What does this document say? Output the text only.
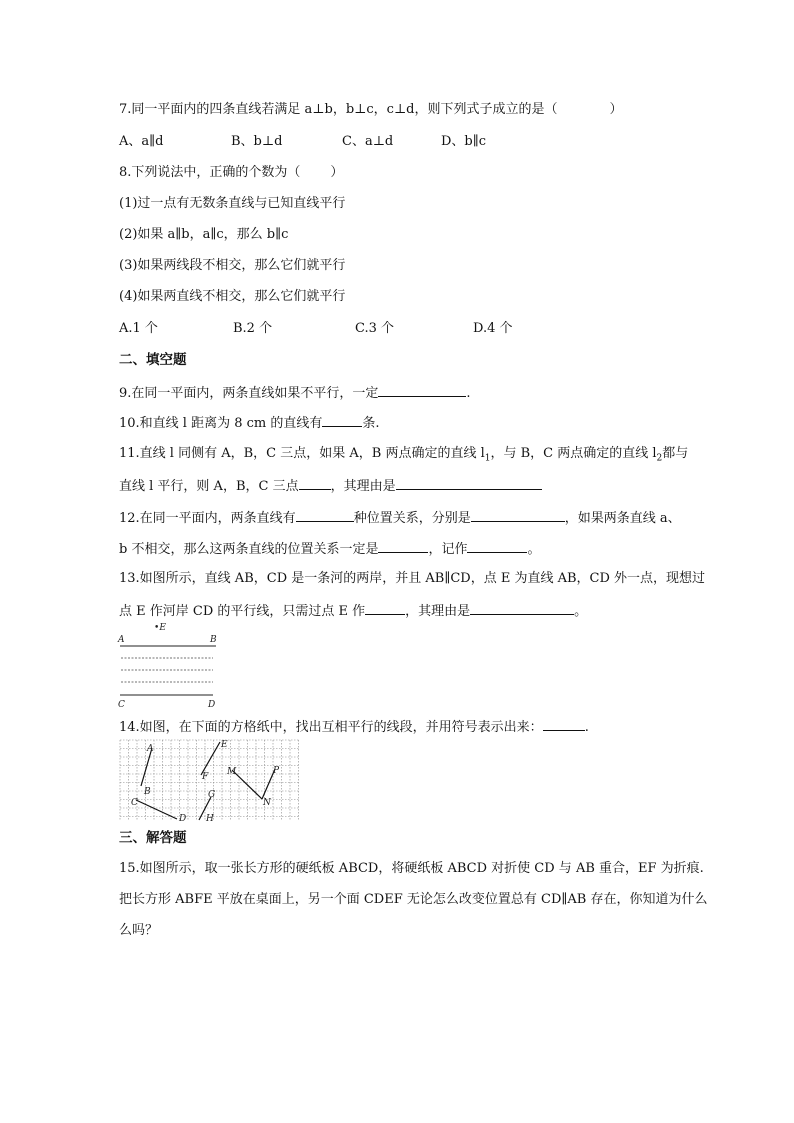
7.同一平面内的四条直线若满足 a⊥b，b⊥c，c⊥d，则下列式子成立的是（	）
A、a∥d	B、b⊥d	C、a⊥d	D、b∥c
8.下列说法中，正确的个数为（ ）
(1)过一点有无数条直线与已知直线平行
(2)如果 a∥b，a∥c，那么 b∥c
(3)如果两线段不相交，那么它们就平行
(4)如果两直线不相交，那么它们就平行
A.1 个	B.2 个	C.3 个	D.4 个
二、填空题
9.在同一平面内，两条直线如果不平行，一定	.
10.和直线 l 距离为 8 cm 的直线有	条.
11.直线 l 同侧有 A，B，C 三点，如果 A，B 两点确定的直线 $l_1$，与 B，C 两点确定的直线 $l_2$都与
直线 l 平行，则 A，B，C 三点 ，其理由是
12.在同一平面内，两条直线有	种位置关系，分别是	，如果两条直线 a、
b 不相交，那么这两条直线的位置关系一定是	，记作	。
13.如图所示，直线 AB，CD 是一条河的两岸，并且 AB∥CD，点 E 为直线 AB，CD 外一点，现想过
点 E 作河岸 CD 的平行线，只需过点 E 作	，其理由是	。
•E
A	B
C	D
14.如图，在下面的方格纸中，找出互相平行的线段，并用符号表示出来：	.
A
B
E
F M
N
P
C
D
G
H
三、解答题
15.如图所示，取一张长方形的硬纸板 ABCD，将硬纸板 ABCD 对折使 CD 与 AB 重合，EF 为折痕.
把长方形 ABFE 平放在桌面上，另一个面 CDEF 无论怎么改变位置总有 CD∥AB 存在，你知道为什么
么吗？
